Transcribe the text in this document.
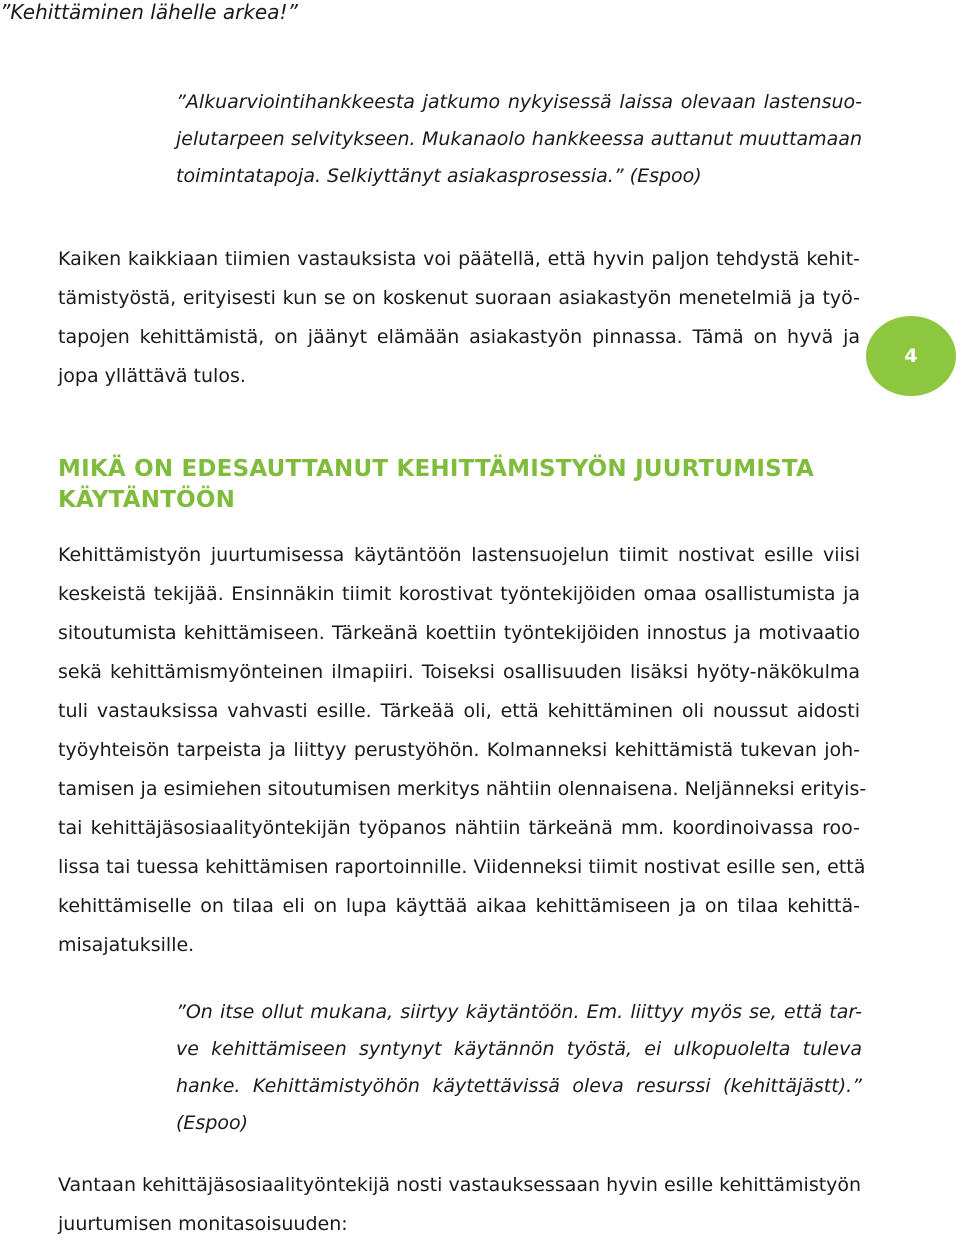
”Kehittäminen lähelle arkea!”
”Alkuarviointihankkeesta jatkumo nykyisessä laissa olevaan lastensuo-
jelutarpeen selvitykseen. Mukanaolo hankkeessa auttanut muuttamaan
toimintatapoja. Selkiyttänyt asiakasprosessia.” (Espoo)
Kaiken kaikkiaan tiimien vastauksista voi päätellä, että hyvin paljon tehdystä kehit-
tämistyöstä, erityisesti kun se on koskenut suoraan asiakastyön menetelmiä ja työ-
tapojen kehittämistä, on jäänyt elämään asiakastyön pinnassa. Tämä on hyvä ja
jopa yllättävä tulos.
4
MIKÄ ON EDESAUTTANUT KEHITTÄMISTYÖN JUURTUMISTA
KÄYTÄNTÖÖN
Kehittämistyön juurtumisessa käytäntöön lastensuojelun tiimit nostivat esille viisi
keskeistä tekijää. Ensinnäkin tiimit korostivat työntekijöiden omaa osallistumista ja
sitoutumista kehittämiseen. Tärkeänä koettiin työntekijöiden innostus ja motivaatio
sekä kehittämismyönteinen ilmapiiri. Toiseksi osallisuuden lisäksi hyöty-näkökulma
tuli vastauksissa vahvasti esille. Tärkeää oli, että kehittäminen oli noussut aidosti
työyhteisön tarpeista ja liittyy perustyöhön. Kolmanneksi kehittämistä tukevan joh-
tamisen ja esimiehen sitoutumisen merkitys nähtiin olennaisena. Neljänneksi erityis-
tai kehittäjäsosiaalityöntekijän työpanos nähtiin tärkeänä mm. koordinoivassa roo-
lissa tai tuessa kehittämisen raportoinnille. Viidenneksi tiimit nostivat esille sen, että
kehittämiselle on tilaa eli on lupa käyttää aikaa kehittämiseen ja on tilaa kehittä-
misajatuksille.
”On itse ollut mukana, siirtyy käytäntöön. Em. liittyy myös se, että tar-
ve kehittämiseen syntynyt käytännön työstä, ei ulkopuolelta tuleva
hanke. Kehittämistyöhön käytettävissä oleva resurssi (kehittäjästt).”
(Espoo)
Vantaan kehittäjäsosiaalityöntekijä nosti vastauksessaan hyvin esille kehittämistyön
juurtumisen monitasoisuuden:
